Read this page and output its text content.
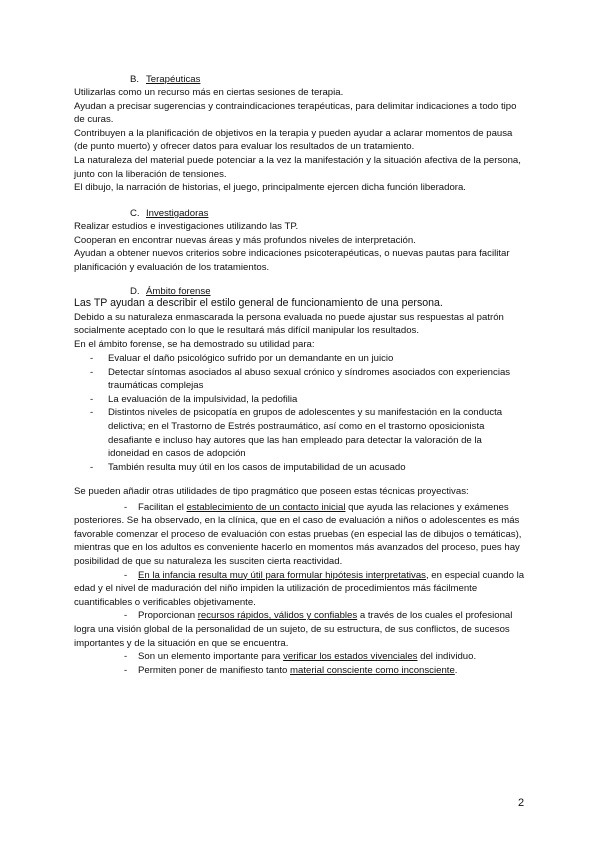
B. Terapéuticas

Utilizarlas como un recurso más en ciertas sesiones de terapia.

Ayudan a precisar sugerencias y contraindicaciones terapéuticas, para delimitar indicaciones a todo tipo de curas.

Contribuyen a la planificación de objetivos en la terapia y pueden ayudar a aclarar momentos de pausa (de punto muerto) y ofrecer datos para evaluar los resultados de un tratamiento.

La naturaleza del material puede potenciar a la vez la manifestación y la situación afectiva de la persona, junto con la liberación de tensiones.

El dibujo, la narración de historias, el juego, principalmente ejercen dicha función liberadora.

C. Investigadoras

Realizar estudios e investigaciones utilizando las TP.

Cooperan en encontrar nuevas áreas y más profundos niveles de interpretación.

Ayudan a obtener nuevos criterios sobre indicaciones psicoterapéuticas, o nuevas pautas para facilitar planificación y evaluación de los tratamientos.

D. Ámbito forense

Las TP ayudan a describir el estilo general de funcionamiento de una persona.

Debido a su naturaleza enmascarada la persona evaluada no puede ajustar sus respuestas al patrón socialmente aceptado con lo que le resultará más difícil manipular los resultados.

En el ámbito forense, se ha demostrado su utilidad para:

- Evaluar el daño psicológico sufrido por un demandante en un juicio
- Detectar síntomas asociados al abuso sexual crónico y síndromes asociados con experiencias traumáticas complejas
- La evaluación de la impulsividad, la pedofilia
- Distintos niveles de psicopatía en grupos de adolescentes y su manifestación en la conducta delictiva; en el Trastorno de Estrés postraumático, así como en el trastorno oposicionista desafiante e incluso hay autores que las han empleado para detectar la valoración de la idoneidad en casos de adopción
- También resulta muy útil en los casos de imputabilidad de un acusado

Se pueden añadir otras utilidades de tipo pragmático que poseen estas técnicas proyectivas:

- Facilitan el establecimiento de un contacto inicial que ayuda las relaciones y exámenes posteriores. Se ha observado, en la clínica, que en el caso de evaluación a niños o adolescentes es más favorable comenzar el proceso de evaluación con estas pruebas (en especial las de dibujos o temáticas), mientras que en los adultos es conveniente hacerlo en momentos más avanzados del proceso, pues hay posibilidad de que su naturaleza les susciten cierta reactividad.

- En la infancia resulta muy útil para formular hipótesis interpretativas, en especial cuando la edad y el nivel de maduración del niño impiden la utilización de procedimientos más fácilmente cuantificables o verificables objetivamente.

- Proporcionan recursos rápidos, válidos y confiables a través de los cuales el profesional logra una visión global de la personalidad de un sujeto, de su estructura, de sus conflictos, de sucesos importantes y de la situación en que se encuentra.

- Son un elemento importante para verificar los estados vivenciales del individuo.

- Permiten poner de manifiesto tanto material consciente como inconsciente.

2
